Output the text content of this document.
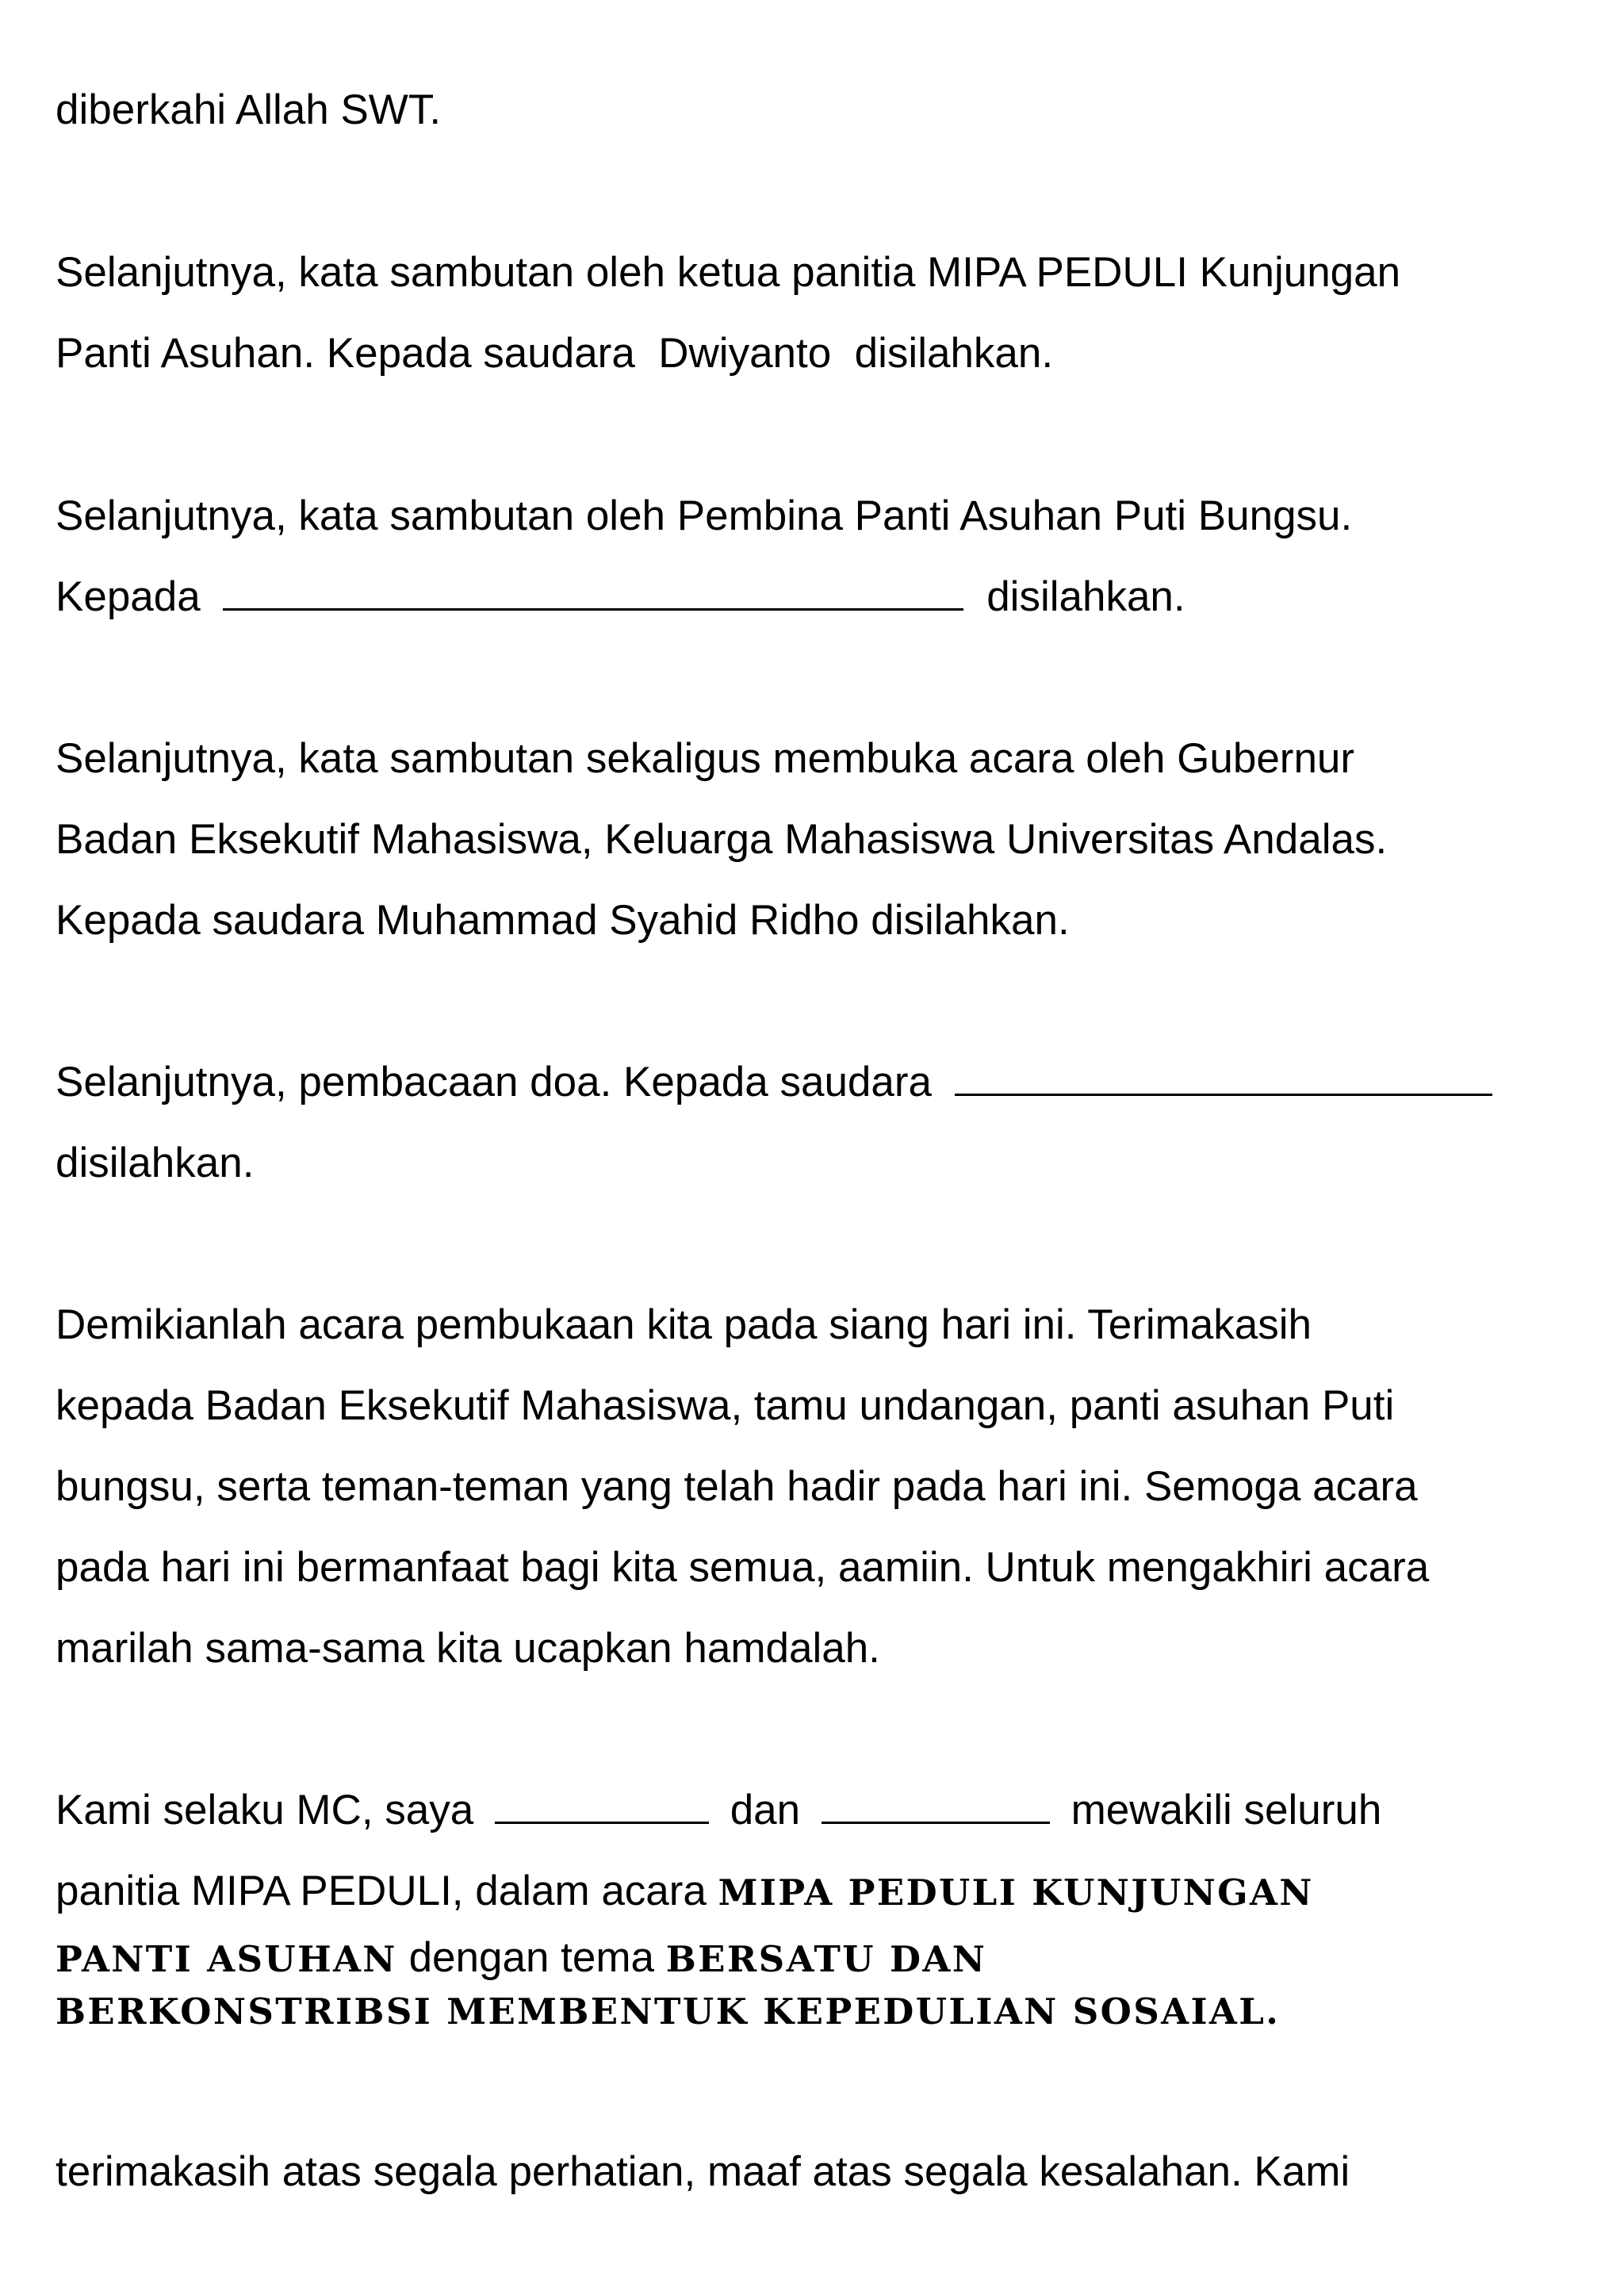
diberkahi Allah SWT.
Selanjutnya, kata sambutan oleh ketua panitia MIPA PEDULI Kunjungan
Panti Asuhan. Kepada saudara  Dwiyanto  disilahkan.
Selanjutnya, kata sambutan oleh Pembina Panti Asuhan Puti Bungsu.
Kepada	disilahkan.
Selanjutnya, kata sambutan sekaligus membuka acara oleh Gubernur
Badan Eksekutif Mahasiswa, Keluarga Mahasiswa Universitas Andalas.
Kepada saudara Muhammad Syahid Ridho disilahkan.
Selanjutnya, pembacaan doa. Kepada saudara
disilahkan.
Demikianlah acara pembukaan kita pada siang hari ini. Terimakasih
kepada Badan Eksekutif Mahasiswa, tamu undangan, panti asuhan Puti
bungsu, serta teman-teman yang telah hadir pada hari ini. Semoga acara
pada hari ini bermanfaat bagi kita semua, aamiin. Untuk mengakhiri acara
marilah sama-sama kita ucapkan hamdalah.
Kami selaku MC, saya	dan	mewakili seluruh
panitia MIPA PEDULI, dalam acara MIPA PEDULI KUNJUNGAN
PANTI ASUHAN dengan tema BERSATU DAN
BERKONSTRIBSI MEMBENTUK KEPEDULIAN SOSAIAL.
terimakasih atas segala perhatian, maaf atas segala kesalahan. Kami
